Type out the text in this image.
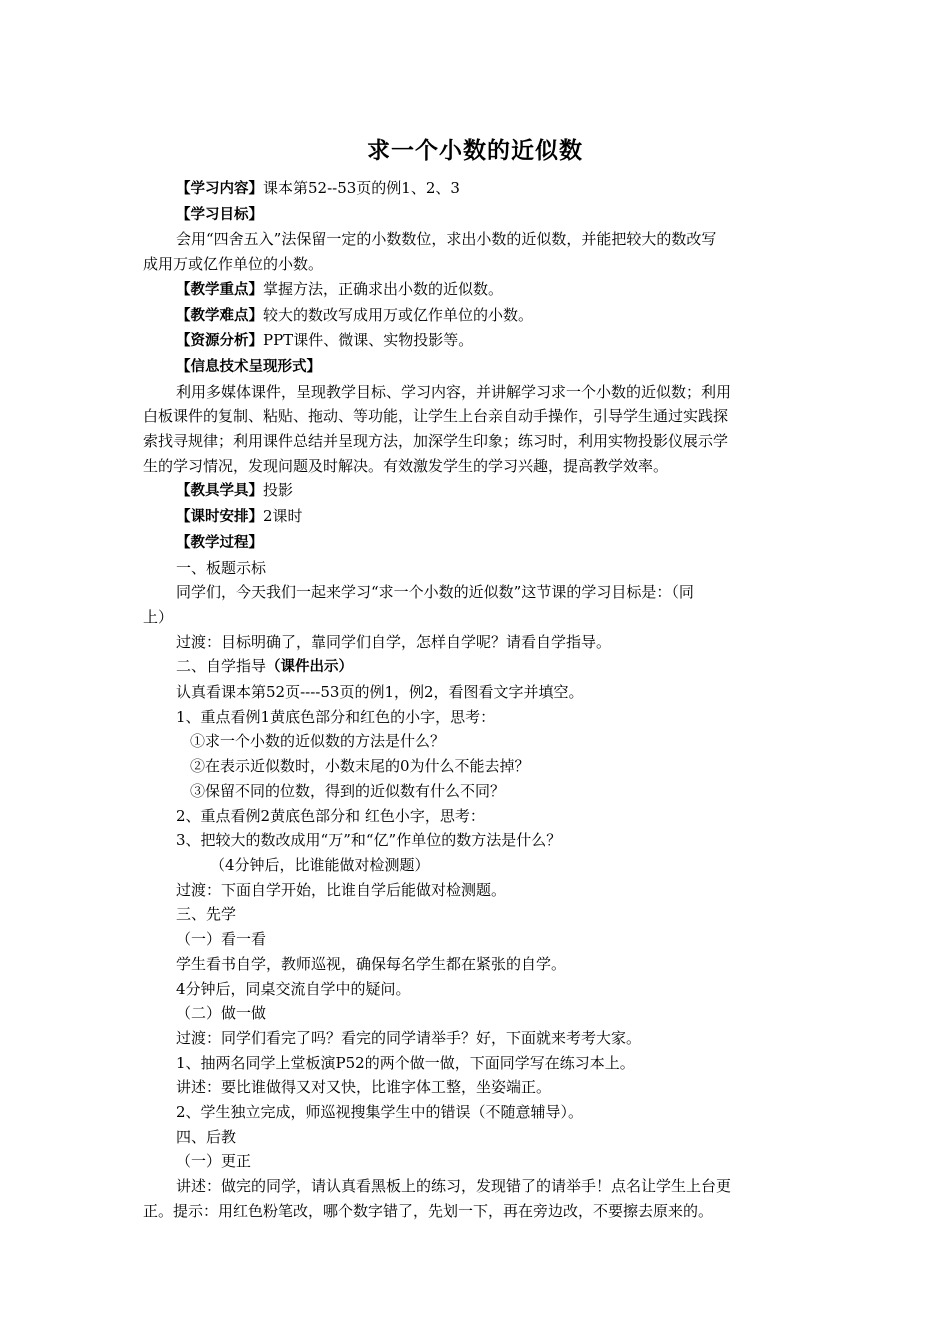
求一个小数的近似数

【学习内容】课本第52--53页的例1、2、3

【学习目标】

会用“四舍五入”法保留一定的小数数位，求出小数的近似数，并能把较大的数改写

成用万或亿作单位的小数。

【教学重点】掌握方法，正确求出小数的近似数。

【教学难点】较大的数改写成用万或亿作单位的小数。

【资源分析】PPT课件、微课、实物投影等。

【信息技术呈现形式】

利用多媒体课件，呈现教学目标、学习内容，并讲解学习求一个小数的近似数；利用

白板课件的复制、粘贴、拖动、等功能，让学生上台亲自动手操作，引导学生通过实践探

索找寻规律；利用课件总结并呈现方法，加深学生印象；练习时，利用实物投影仪展示学

生的学习情况，发现问题及时解决。有效激发学生的学习兴趣，提高教学效率。

【教具学具】投影

【课时安排】2课时

【教学过程】

一、板题示标

同学们，今天我们一起来学习“求一个小数的近似数”这节课的学习目标是：（同

上）

过渡：目标明确了，靠同学们自学，怎样自学呢？请看自学指导。

二、自学指导（课件出示）

认真看课本第52页----53页的例1，例2，看图看文字并填空。

1、重点看例1黄底色部分和红色的小字，思考：

①求一个小数的近似数的方法是什么？

②在表示近似数时，小数末尾的0为什么不能去掉？

③保留不同的位数，得到的近似数有什么不同？

2、重点看例2黄底色部分和 红色小字，思考：

3、把较大的数改成用“万”和“亿”作单位的数方法是什么？

（4分钟后，比谁能做对检测题）

过渡：下面自学开始，比谁自学后能做对检测题。

三、先学

（一）看一看

学生看书自学，教师巡视，确保每名学生都在紧张的自学。

4分钟后，同桌交流自学中的疑问。

（二）做一做

过渡：同学们看完了吗？看完的同学请举手？好，下面就来考考大家。

1、抽两名同学上堂板演P52的两个做一做，下面同学写在练习本上。

讲述：要比谁做得又对又快，比谁字体工整，坐姿端正。

2、学生独立完成，师巡视搜集学生中的错误（不随意辅导）。

四、后教

（一）更正

讲述：做完的同学，请认真看黑板上的练习，发现错了的请举手！点名让学生上台更

正。提示：用红色粉笔改，哪个数字错了，先划一下，再在旁边改，不要擦去原来的。
